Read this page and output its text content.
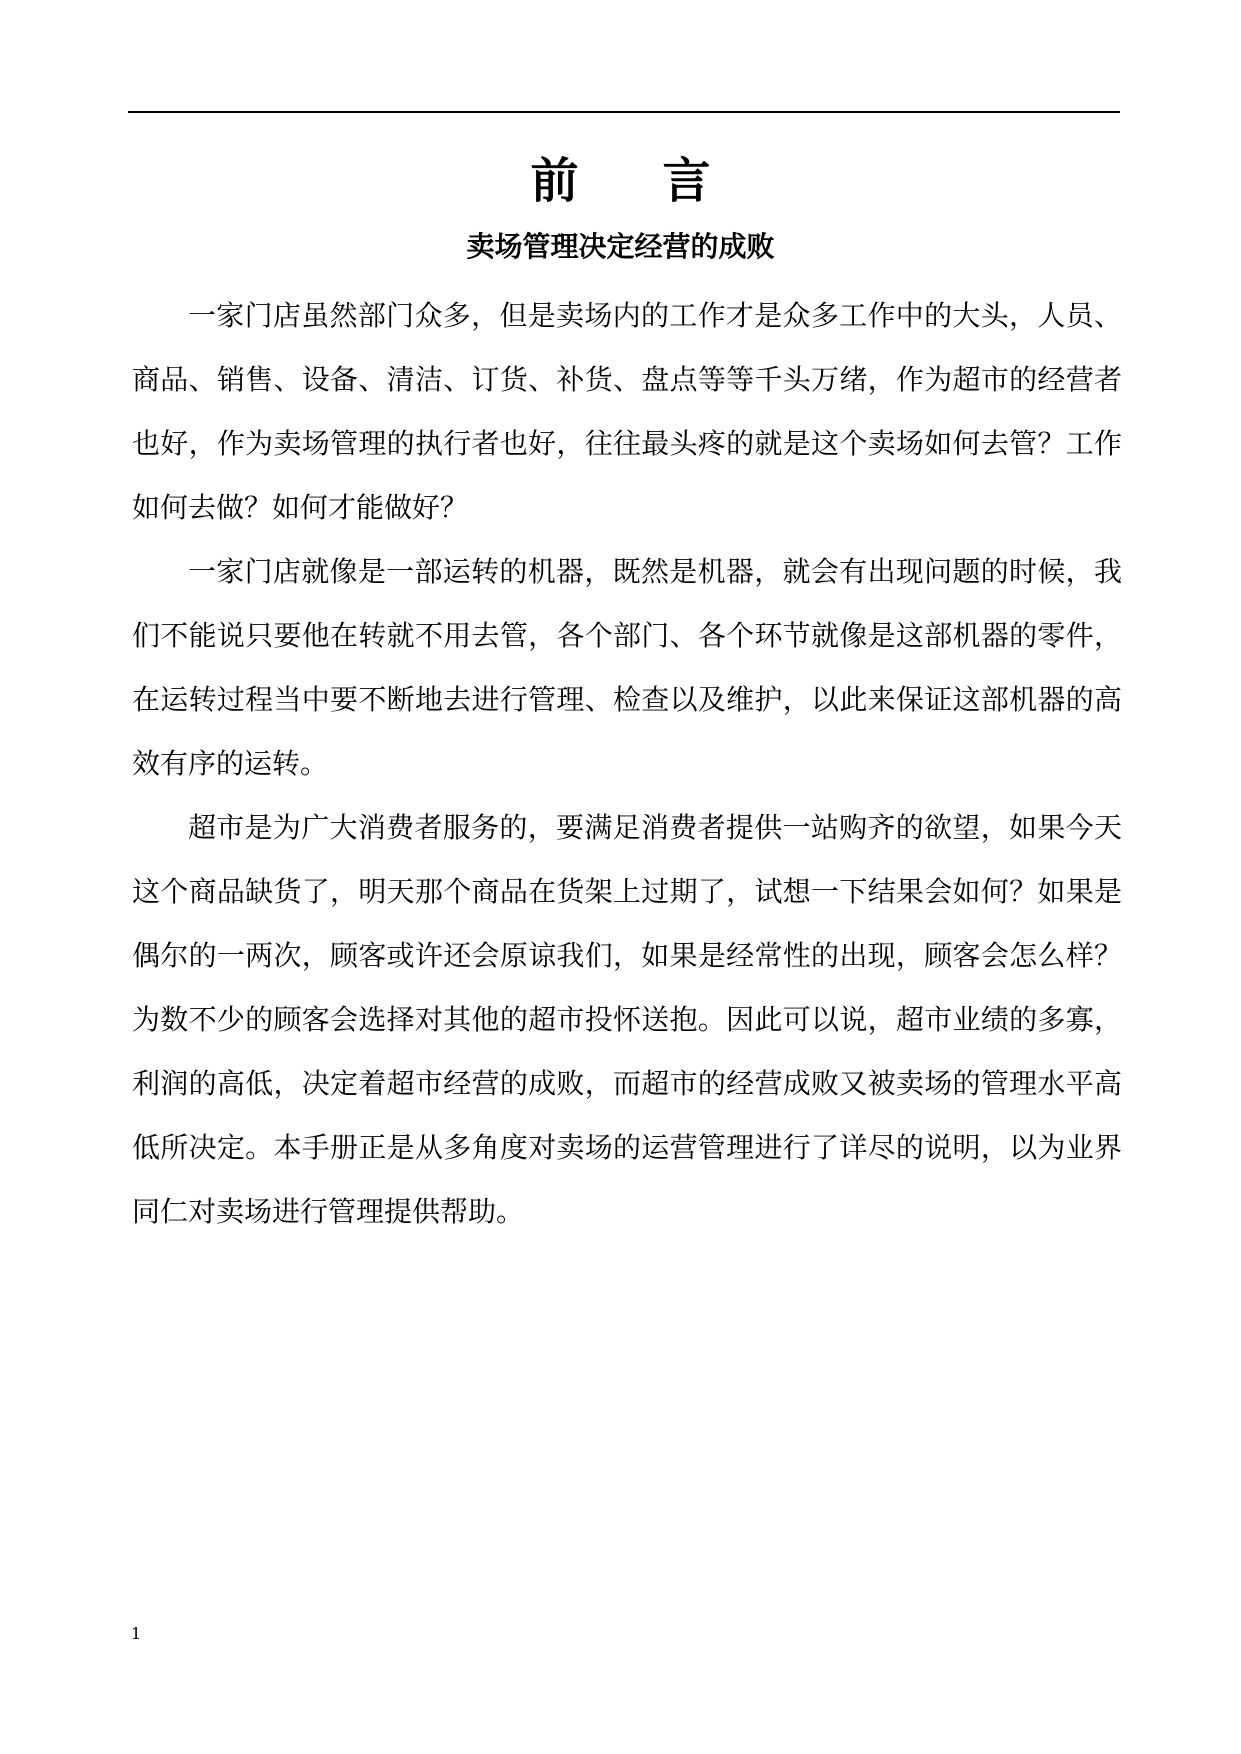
前言
卖场管理决定经营的成败

一家门店虽然部门众多，但是卖场内的工作才是众多工作中的大头，人员、商品、销售、设备、清洁、订货、补货、盘点等等千头万绪，作为超市的经营者也好，作为卖场管理的执行者也好，往往最头疼的就是这个卖场如何去管？工作如何去做？如何才能做好？

一家门店就像是一部运转的机器，既然是机器，就会有出现问题的时候，我们不能说只要他在转就不用去管，各个部门、各个环节就像是这部机器的零件，在运转过程当中要不断地去进行管理、检查以及维护，以此来保证这部机器的高效有序的运转。

超市是为广大消费者服务的，要满足消费者提供一站购齐的欲望，如果今天这个商品缺货了，明天那个商品在货架上过期了，试想一下结果会如何？如果是偶尔的一两次，顾客或许还会原谅我们，如果是经常性的出现，顾客会怎么样？为数不少的顾客会选择对其他的超市投怀送抱。因此可以说，超市业绩的多寡，利润的高低，决定着超市经营的成败，而超市的经营成败又被卖场的管理水平高低所决定。本手册正是从多角度对卖场的运营管理进行了详尽的说明，以为业界同仁对卖场进行管理提供帮助。

1
